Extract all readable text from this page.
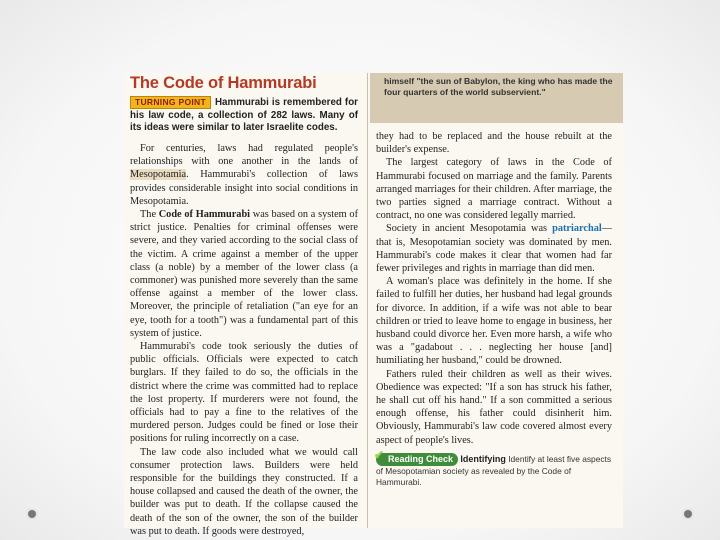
himself "the sun of Babylon, the king who has made the four quarters of the world subservient."
The Code of Hammurabi
TURNING POINT Hammurabi is remembered for his law code, a collection of 282 laws. Many of its ideas were similar to later Israelite codes.

For centuries, laws had regulated people's relationships with one another in the lands of Mesopotamia. Hammurabi's collection of laws provides considerable insight into social conditions in Mesopotamia.

The Code of Hammurabi was based on a system of strict justice. Penalties for criminal offenses were severe, and they varied according to the social class of the victim. A crime against a member of the upper class (a noble) by a member of the lower class (a commoner) was punished more severely than the same offense against a member of the lower class. Moreover, the principle of retaliation ("an eye for an eye, tooth for a tooth") was a fundamental part of this system of justice.

Hammurabi's code took seriously the duties of public officials. Officials were expected to catch burglars. If they failed to do so, the officials in the district where the crime was committed had to replace the lost property. If murderers were not found, the officials had to pay a fine to the relatives of the murdered person. Judges could be fined or lose their positions for ruling incorrectly on a case.

The law code also included what we would call consumer protection laws. Builders were held responsible for the buildings they constructed. If a house collapsed and caused the death of the owner, the builder was put to death. If the collapse caused the death of the son of the owner, the son of the builder was put to death. If goods were destroyed,

they had to be replaced and the house rebuilt at the builder's expense.

The largest category of laws in the Code of Hammurabi focused on marriage and the family. Parents arranged marriages for their children. After marriage, the two parties signed a marriage contract. Without a contract, no one was considered legally married.

Society in ancient Mesopotamia was patriarchal—that is, Mesopotamian society was dominated by men. Hammurabi's code makes it clear that women had far fewer privileges and rights in marriage than did men.

A woman's place was definitely in the home. If she failed to fulfill her duties, her husband had legal grounds for divorce. In addition, if a wife was not able to bear children or tried to leave home to engage in business, her husband could divorce her. Even more harsh, a wife who was a "gadabout . . . neglecting her house [and] humiliating her husband," could be drowned.

Fathers ruled their children as well as their wives. Obedience was expected: "If a son has struck his father, he shall cut off his hand." If a son committed a serious enough offense, his father could disinherit him. Obviously, Hammurabi's law code covered almost every aspect of people's lives.

✔ Reading Check Identifying Identify at least five aspects of Mesopotamian society as revealed by the Code of Hammurabi.
